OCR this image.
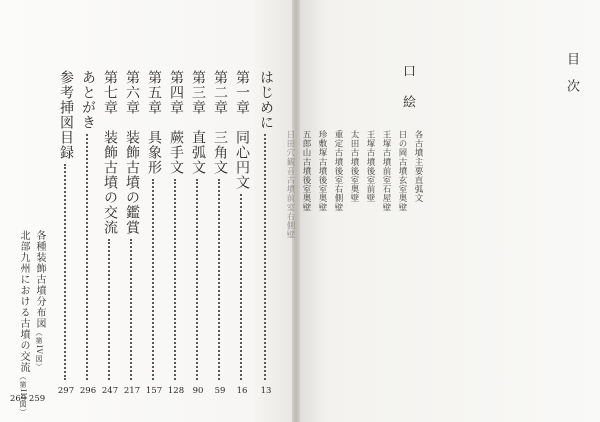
目次
口絵
各古墳主要直弧文
日の岡古墳玄室奥壁
王塚古墳前室石屋壁
王塚古墳後室前壁
太田古墳後室奥壁
重定古墳後室右側壁
珍敷塚古墳後室奥壁
五郎山古墳後室奥壁
日田穴観音古墳前室右側壁
はじめに
13
第一章　同心円文
16
第二章　三角文
59
第三章　直弧文
90
第四章　蕨手文
128
第五章　具象形
157
第六章　装飾古墳の鑑賞
217
第七章　装飾古墳の交流
247
あとがき
296
参考挿図目録
297
各種装飾古墳分布図（第IV図）
北部九州における古墳の交流（第III図）
269 259
